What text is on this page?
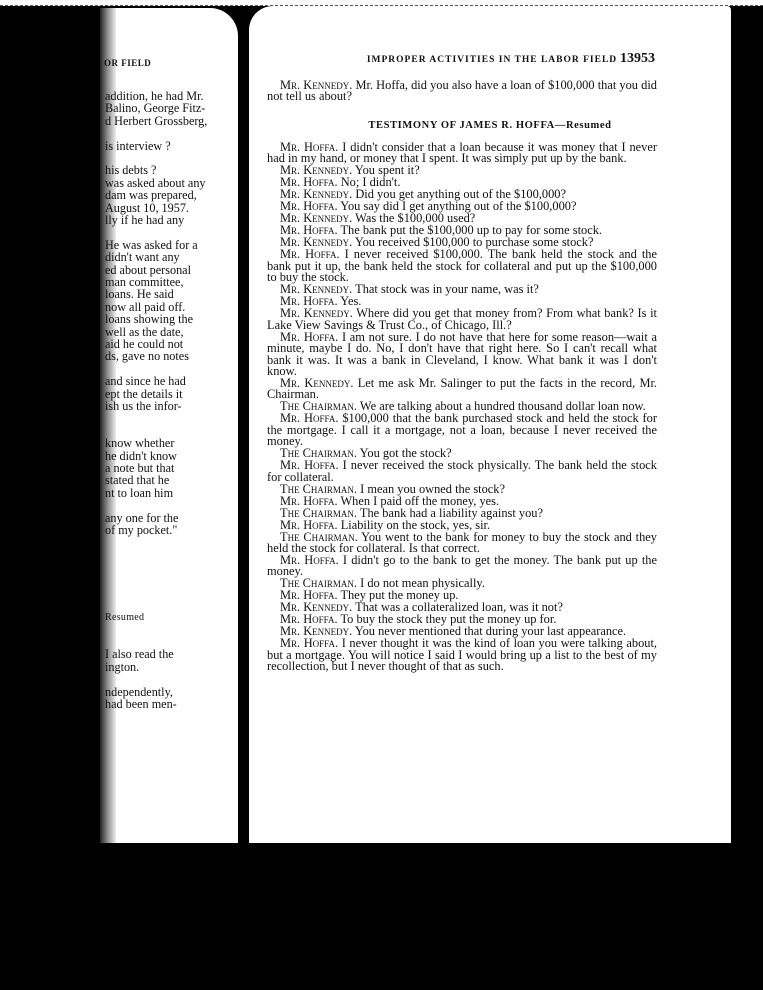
OR FIELD
addition, he had Mr.
Balino, George Fitz-
d Herbert Grossberg,
is interview ?
his debts ?
was asked about any
dam was prepared,
August 10, 1957.
lly if he had any
He was asked for a
didn't want any
ed about personal
man committee,
loans. He said
now all paid off.
loans showing the
well as the date,
aid he could not
ds, gave no notes
and since he had
ept the details it
ish us the infor-
know whether
he didn't know
a note but that
stated that he
nt to loan him
any one for the
of my pocket."
Resumed
I also read the
ington.
ndependently,
had been men-
IMPROPER ACTIVITIES IN THE LABOR FIELD 13953

Mr. Kennedy. Mr. Hoffa, did you also have a loan of $100,000 that you did not tell us about?

TESTIMONY OF JAMES R. HOFFA—Resumed

Mr. Hoffa. I didn't consider that a loan because it was money that I never had in my hand, or money that I spent. It was simply put up by the bank.

Mr. Kennedy. You spent it?

Mr. Hoffa. No; I didn't.

Mr. Kennedy. Did you get anything out of the $100,000?

Mr. Hoffa. You say did I get anything out of the $100,000?

Mr. Kennedy. Was the $100,000 used?

Mr. Hoffa. The bank put the $100,000 up to pay for some stock.

Mr. Kennedy. You received $100,000 to purchase some stock?

Mr. Hoffa. I never received $100,000. The bank held the stock and the bank put it up, the bank held the stock for collateral and put up the $100,000 to buy the stock.

Mr. Kennedy. That stock was in your name, was it?

Mr. Hoffa. Yes.

Mr. Kennedy. Where did you get that money from? From what bank? Is it Lake View Savings & Trust Co., of Chicago, Ill.?

Mr. Hoffa. I am not sure. I do not have that here for some reason—wait a minute, maybe I do. No, I don't have that right here. So I can't recall what bank it was. It was a bank in Cleveland, I know. What bank it was I don't know.

Mr. Kennedy. Let me ask Mr. Salinger to put the facts in the record, Mr. Chairman.

The Chairman. We are talking about a hundred thousand dollar loan now.

Mr. Hoffa. $100,000 that the bank purchased stock and held the stock for the mortgage. I call it a mortgage, not a loan, because I never received the money.

The Chairman. You got the stock?

Mr. Hoffa. I never received the stock physically. The bank held the stock for collateral.

The Chairman. I mean you owned the stock?

Mr. Hoffa. When I paid off the money, yes.

The Chairman. The bank had a liability against you?

Mr. Hoffa. Liability on the stock, yes, sir.

The Chairman. You went to the bank for money to buy the stock and they held the stock for collateral. Is that correct.

Mr. Hoffa. I didn't go to the bank to get the money. The bank put up the money.

The Chairman. I do not mean physically.

Mr. Hoffa. They put the money up.

Mr. Kennedy. That was a collateralized loan, was it not?

Mr. Hoffa. To buy the stock they put the money up for.

Mr. Kennedy. You never mentioned that during your last appearance.

Mr. Hoffa. I never thought it was the kind of loan you were talking about, but a mortgage. You will notice I said I would bring up a list to the best of my recollection, but I never thought of that as such.
